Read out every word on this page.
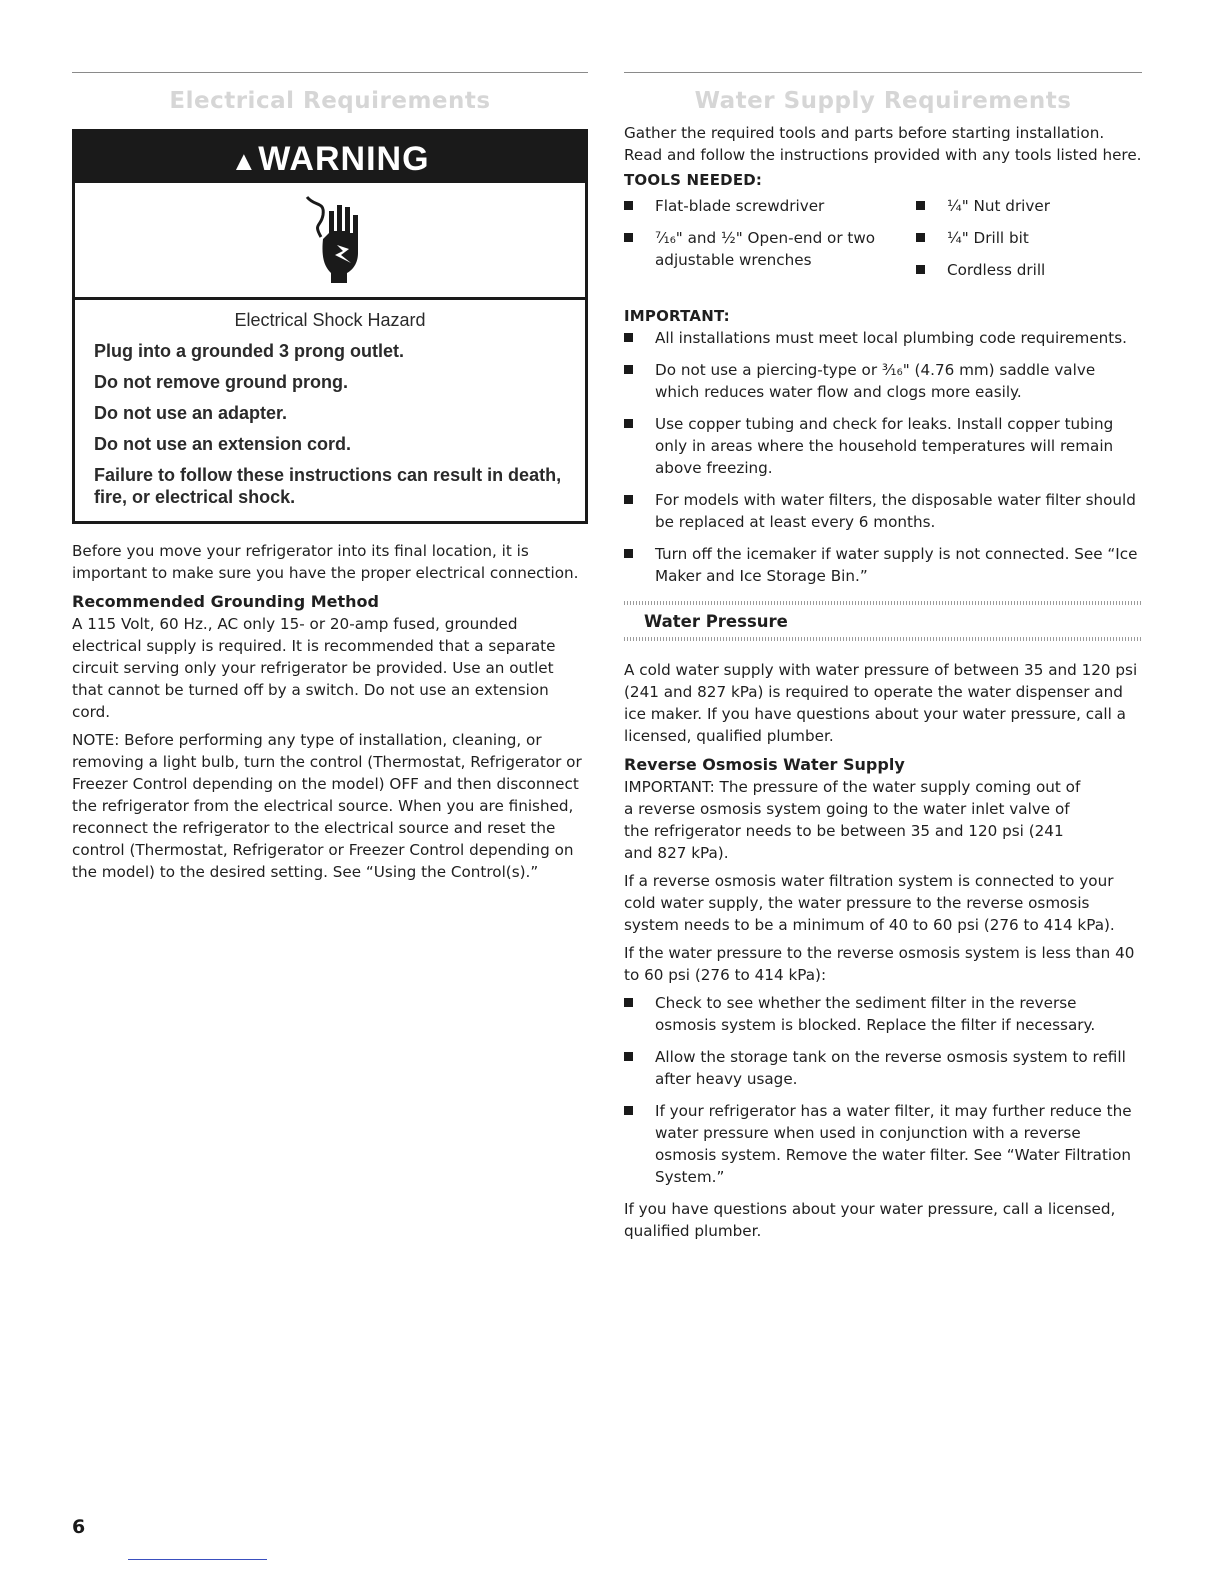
Electrical Requirements
▲WARNING
Electrical Shock Hazard
Plug into a grounded 3 prong outlet.
Do not remove ground prong.
Do not use an adapter.
Do not use an extension cord.
Failure to follow these instructions can result in death, fire, or electrical shock.

Before you move your refrigerator into its final location, it is important to make sure you have the proper electrical connection.

Recommended Grounding Method

A 115 Volt, 60 Hz., AC only 15- or 20-amp fused, grounded electrical supply is required. It is recommended that a separate circuit serving only your refrigerator be provided. Use an outlet that cannot be turned off by a switch. Do not use an extension cord.

NOTE: Before performing any type of installation, cleaning, or removing a light bulb, turn the control (Thermostat, Refrigerator or Freezer Control depending on the model) OFF and then disconnect the refrigerator from the electrical source. When you are finished, reconnect the refrigerator to the electrical source and reset the control (Thermostat, Refrigerator or Freezer Control depending on the model) to the desired setting. See “Using the Control(s).”

Water Supply Requirements

Gather the required tools and parts before starting installation. Read and follow the instructions provided with any tools listed here.

TOOLS NEEDED:

Flat-blade screwdriver
⁷⁄₁₆" and ½" Open-end or two adjustable wrenches
¼" Nut driver
¼" Drill bit
Cordless drill

IMPORTANT:

All installations must meet local plumbing code requirements.
Do not use a piercing-type or ³⁄₁₆" (4.76 mm) saddle valve which reduces water flow and clogs more easily.
Use copper tubing and check for leaks. Install copper tubing only in areas where the household temperatures will remain above freezing.
For models with water filters, the disposable water filter should be replaced at least every 6 months.
Turn off the icemaker if water supply is not connected. See “Ice Maker and Ice Storage Bin.”

Water Pressure

A cold water supply with water pressure of between 35 and 120 psi (241 and 827 kPa) is required to operate the water dispenser and ice maker. If you have questions about your water pressure, call a licensed, qualified plumber.

Reverse Osmosis Water Supply

IMPORTANT: The pressure of the water supply coming out of a reverse osmosis system going to the water inlet valve of the refrigerator needs to be between 35 and 120 psi (241 and 827 kPa).

If a reverse osmosis water filtration system is connected to your cold water supply, the water pressure to the reverse osmosis system needs to be a minimum of 40 to 60 psi (276 to 414 kPa).

If the water pressure to the reverse osmosis system is less than 40 to 60 psi (276 to 414 kPa):

Check to see whether the sediment filter in the reverse osmosis system is blocked. Replace the filter if necessary.
Allow the storage tank on the reverse osmosis system to refill after heavy usage.
If your refrigerator has a water filter, it may further reduce the water pressure when used in conjunction with a reverse osmosis system. Remove the water filter. See “Water Filtration System.”

If you have questions about your water pressure, call a licensed, qualified plumber.

6
